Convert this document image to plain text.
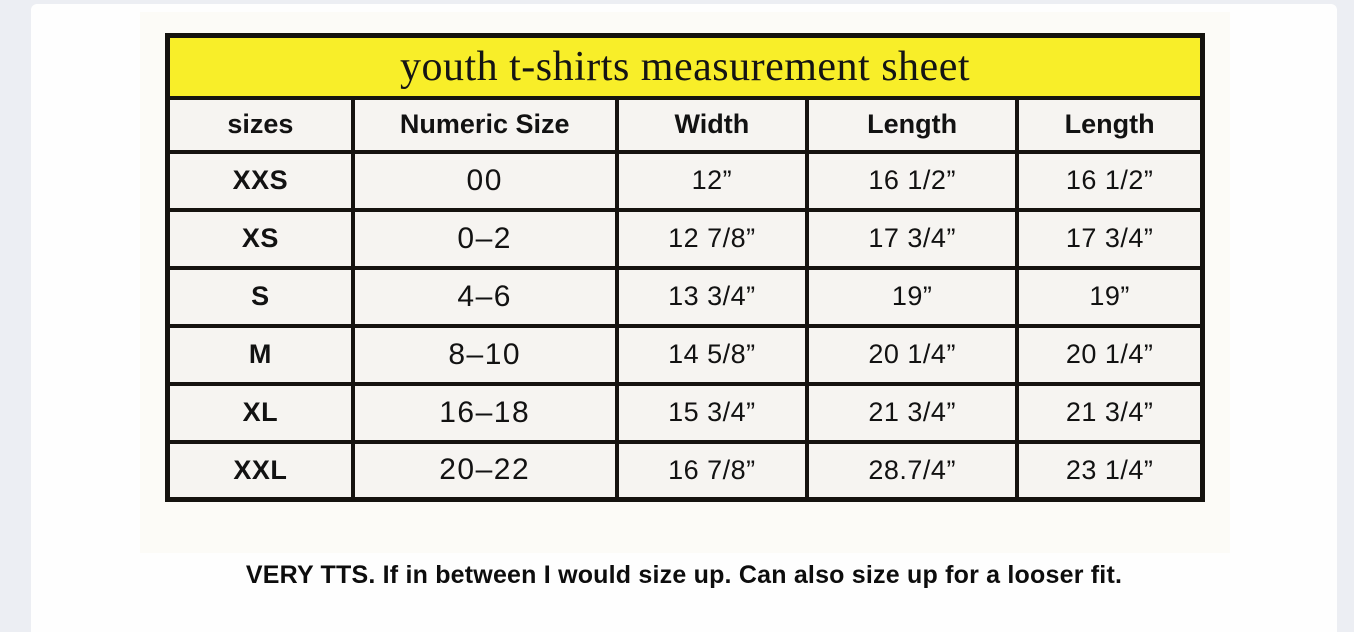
youth t-shirts measurement sheet				
sizes	Numeric Size	Width	Length	Length
XXS	00	12”	16 1/2”	16 1/2”
XS	0–2	12 7/8”	17 3/4”	17 3/4”
S	4–6	13 3/4”	19”	19”
M	8–10	14 5/8”	20 1/4”	20 1/4”
XL	16–18	15 3/4”	21 3/4”	21 3/4”
XXL	20–22	16 7/8”	28.7/4”	23 1/4”
VERY TTS. If in between I would size up. Can also size up for a looser fit.
